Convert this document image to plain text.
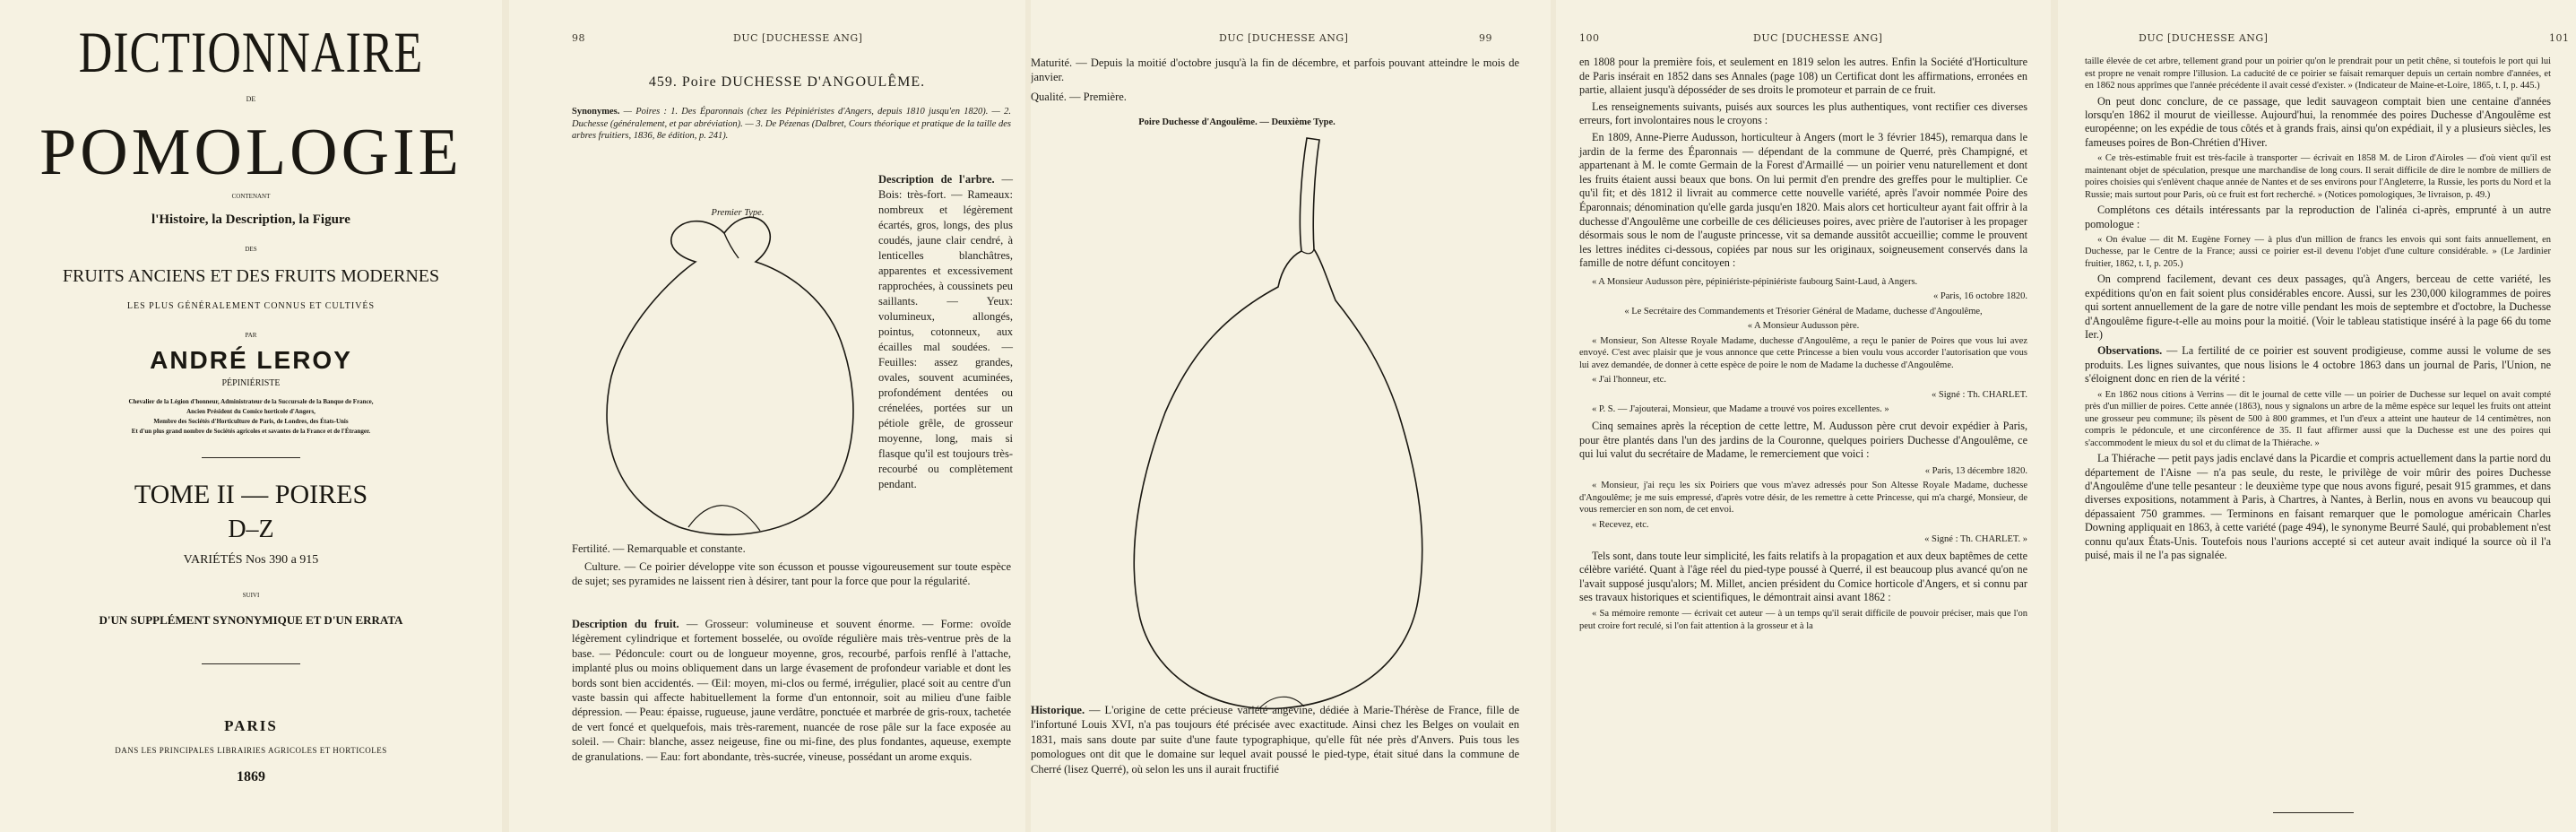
DICTIONNAIRE
DE
POMOLOGIE
CONTENANT
l'Histoire, la Description, la Figure
DES
FRUITS ANCIENS ET DES FRUITS MODERNES
LES PLUS GÉNÉRALEMENT CONNUS ET CULTIVÉS
PAR
ANDRÉ LEROY
PÉPINIÉRISTE
Chevalier de la Légion d'honneur, Administrateur de la Succursale de la Banque de France,
Ancien Président du Comice horticole d'Angers,
Membre des Sociétés d'Horticulture de Paris, de Londres, des États-Unis
Et d'un plus grand nombre de Sociétés agricoles et savantes de la France et de l'Étranger.
TOME II — POIRES
D–Z
VARIÉTÉS Nos 390 a 915
SUIVI
D'UN SUPPLÉMENT SYNONYMIQUE ET D'UN ERRATA
PARIS
DANS LES PRINCIPALES LIBRAIRIES AGRICOLES ET HORTICOLES
1869
98	DUC [DUCHESSE ANG]
459. Poire DUCHESSE D'ANGOULÊME.
Synonymes. — Poires : 1. Des Éparonnais (chez les Pépiniéristes d'Angers, depuis 1810 jusqu'en 1820). — 2. Duchesse (généralement, et par abréviation). — 3. De Pézenas (Dalbret, Cours théorique et pratique de la taille des arbres fruitiers, 1836, 8e édition, p. 241).
Premier Type.
Description de l'arbre. — Bois: très-fort. — Rameaux: nombreux et légèrement écartés, gros, longs, des plus coudés, jaune clair cendré, à lenticelles blanchâtres, apparentes et excessivement rapprochées, à coussinets peu saillants. — Yeux: volumineux, allongés, pointus, cotonneux, aux écailles mal soudées. — Feuilles: assez grandes, ovales, souvent acuminées, profondément dentées ou crénelées, portées sur un pétiole grêle, de grosseur moyenne, long, mais si flasque qu'il est toujours très-recourbé ou complètement pendant.
Fertilité. — Remarquable et constante.
Culture. — Ce poirier développe vite son écusson et pousse vigoureusement sur toute espèce de sujet; ses pyramides ne laissent rien à désirer, tant pour la force que pour la régularité.
Description du fruit. — Grosseur: volumineuse et souvent énorme. — Forme: ovoïde légèrement cylindrique et fortement bosselée, ou ovoïde régulière mais très-ventrue près de la base. — Pédoncule: court ou de longueur moyenne, gros, recourbé, parfois renflé à l'attache, implanté plus ou moins obliquement dans un large évasement de profondeur variable et dont les bords sont bien accidentés. — Œil: moyen, mi-clos ou fermé, irrégulier, placé soit au centre d'un vaste bassin qui affecte habituellement la forme d'un entonnoir, soit au milieu d'une faible dépression. — Peau: épaisse, rugueuse, jaune verdâtre, ponctuée et marbrée de gris-roux, tachetée de vert foncé et quelquefois, mais très-rarement, nuancée de rose pâle sur la face exposée au soleil. — Chair: blanche, assez neigeuse, fine ou mi-fine, des plus fondantes, aqueuse, exempte de granulations. — Eau: fort abondante, très-sucrée, vineuse, possédant un arome exquis.
DUC [DUCHESSE ANG]	99
Maturité. — Depuis la moitié d'octobre jusqu'à la fin de décembre, et parfois pouvant atteindre le mois de janvier.
Qualité. — Première.
Poire Duchesse d'Angoulême. — Deuxième Type.
Historique. — L'origine de cette précieuse variété angevine, dédiée à Marie-Thérèse de France, fille de l'infortuné Louis XVI, n'a pas toujours été précisée avec exactitude. Ainsi chez les Belges on voulait en 1831, mais sans doute par suite d'une faute typographique, qu'elle fût née près d'Anvers. Puis tous les pomologues ont dit que le domaine sur lequel avait poussé le pied-type, était situé dans la commune de Cherré (lisez Querré), où selon les uns il aurait fructifié
100	DUC [DUCHESSE ANG]

en 1808 pour la première fois, et seulement en 1819 selon les autres. Enfin la Société d'Horticulture de Paris insérait en 1852 dans ses Annales (page 108) un Certificat dont les affirmations, erronées en partie, allaient jusqu'à déposséder de ses droits le promoteur et parrain de ce fruit.

Les renseignements suivants, puisés aux sources les plus authentiques, vont rectifier ces diverses erreurs, fort involontaires nous le croyons :

En 1809, Anne-Pierre Audusson, horticulteur à Angers (mort le 3 février 1845), remarqua dans le jardin de la ferme des Éparonnais — dépendant de la commune de Querré, près Champigné, et appartenant à M. le comte Germain de la Forest d'Armaillé — un poirier venu naturellement et dont les fruits étaient aussi beaux que bons. On lui permit d'en prendre des greffes pour le multiplier. Ce qu'il fit; et dès 1812 il livrait au commerce cette nouvelle variété, après l'avoir nommée Poire des Éparonnais; dénomination qu'elle garda jusqu'en 1820. Mais alors cet horticulteur ayant fait offrir à la duchesse d'Angoulême une corbeille de ces délicieuses poires, avec prière de l'autoriser à les propager désormais sous le nom de l'auguste princesse, vit sa demande aussitôt accueillie; comme le prouvent les lettres inédites ci-dessous, copiées par nous sur les originaux, soigneusement conservés dans la famille de notre défunt concitoyen :

« A Monsieur Audusson père, pépiniériste-pépiniériste faubourg Saint-Laud, à Angers.

« Paris, 16 octobre 1820.

« Le Secrétaire des Commandements et Trésorier Général de Madame, duchesse d'Angoulême,

« A Monsieur Audusson père.

« Monsieur, Son Altesse Royale Madame, duchesse d'Angoulême, a reçu le panier de Poires que vous lui avez envoyé. C'est avec plaisir que je vous annonce que cette Princesse a bien voulu vous accorder l'autorisation que vous lui avez demandée, de donner à cette espèce de poire le nom de Madame la duchesse d'Angoulême.

« J'ai l'honneur, etc.

« Signé : Th. CHARLET.

« P. S. — J'ajouterai, Monsieur, que Madame a trouvé vos poires excellentes. »

Cinq semaines après la réception de cette lettre, M. Audusson père crut devoir expédier à Paris, pour être plantés dans l'un des jardins de la Couronne, quelques poiriers Duchesse d'Angoulême, ce qui lui valut du secrétaire de Madame, le remerciement que voici :

« Paris, 13 décembre 1820.

« Monsieur, j'ai reçu les six Poiriers que vous m'avez adressés pour Son Altesse Royale Madame, duchesse d'Angoulême; je me suis empressé, d'après votre désir, de les remettre à cette Princesse, qui m'a chargé, Monsieur, de vous remercier en son nom, de cet envoi.

« Recevez, etc.

« Signé : Th. CHARLET. »

Tels sont, dans toute leur simplicité, les faits relatifs à la propagation et aux deux baptêmes de cette célèbre variété. Quant à l'âge réel du pied-type poussé à Querré, il est beaucoup plus avancé qu'on ne l'avait supposé jusqu'alors; M. Millet, ancien président du Comice horticole d'Angers, et si connu par ses travaux historiques et scientifiques, le démontrait ainsi avant 1862 :

« Sa mémoire remonte — écrivait cet auteur — à un temps qu'il serait difficile de pouvoir préciser, mais que l'on peut croire fort reculé, si l'on fait attention à la grosseur et à la

DUC [DUCHESSE ANG]	101

taille élevée de cet arbre, tellement grand pour un poirier qu'on le prendrait pour un petit chêne, si toutefois le port qui lui est propre ne venait rompre l'illusion. La caducité de ce poirier se faisait remarquer depuis un certain nombre d'années, et en 1862 nous apprîmes que l'année précédente il avait cessé d'exister. » (Indicateur de Maine-et-Loire, 1865, t. I, p. 445.)

On peut donc conclure, de ce passage, que ledit sauvageon comptait bien une centaine d'années lorsqu'en 1862 il mourut de vieillesse. Aujourd'hui, la renommée des poires Duchesse d'Angoulême est européenne; on les expédie de tous côtés et à grands frais, ainsi qu'on expédiait, il y a plusieurs siècles, les fameuses poires de Bon-Chrétien d'Hiver.

« Ce très-estimable fruit est très-facile à transporter — écrivait en 1858 M. de Liron d'Airoles — d'où vient qu'il est maintenant objet de spéculation, presque une marchandise de long cours. Il serait difficile de dire le nombre de milliers de poires choisies qui s'enlèvent chaque année de Nantes et de ses environs pour l'Angleterre, la Russie, les ports du Nord et la Russie; mais surtout pour Paris, où ce fruit est fort recherché. » (Notices pomologiques, 3e livraison, p. 49.)

Complétons ces détails intéressants par la reproduction de l'alinéa ci-après, emprunté à un autre pomologue :

« On évalue — dit M. Eugène Forney — à plus d'un million de francs les envois qui sont faits annuellement, en Duchesse, par le Centre de la France; aussi ce poirier est-il devenu l'objet d'une culture considérable. » (Le Jardinier fruitier, 1862, t. I, p. 205.)

On comprend facilement, devant ces deux passages, qu'à Angers, berceau de cette variété, les expéditions qu'on en fait soient plus considérables encore. Aussi, sur les 230,000 kilogrammes de poires qui sortent annuellement de la gare de notre ville pendant les mois de septembre et d'octobre, la Duchesse d'Angoulême figure-t-elle au moins pour la moitié. (Voir le tableau statistique inséré à la page 66 du tome Ier.)

Observations. — La fertilité de ce poirier est souvent prodigieuse, comme aussi le volume de ses produits. Les lignes suivantes, que nous lisions le 4 octobre 1863 dans un journal de Paris, l'Union, ne s'éloignent donc en rien de la vérité :

« En 1862 nous citions à Verrins — dit le journal de cette ville — un poirier de Duchesse sur lequel on avait compté près d'un millier de poires. Cette année (1863), nous y signalons un arbre de la même espèce sur lequel les fruits ont atteint une grosseur peu commune; ils pèsent de 500 à 800 grammes, et l'un d'eux a atteint une hauteur de 14 centimètres, non compris le pédoncule, et une circonférence de 35. Il faut affirmer aussi que la Duchesse est une des poires qui s'accommodent le mieux du sol et du climat de la Thiérache. »

La Thiérache — petit pays jadis enclavé dans la Picardie et compris actuellement dans la partie nord du département de l'Aisne — n'a pas seule, du reste, le privilège de voir mûrir des poires Duchesse d'Angoulême d'une telle pesanteur : le deuxième type que nous avons figuré, pesait 915 grammes, et dans diverses expositions, notamment à Paris, à Chartres, à Nantes, à Berlin, nous en avons vu beaucoup qui dépassaient 750 grammes. — Terminons en faisant remarquer que le pomologue américain Charles Downing appliquait en 1863, à cette variété (page 494), le synonyme Beurré Saulé, qui probablement n'est connu qu'aux États-Unis. Toutefois nous l'aurions accepté si cet auteur avait indiqué la source où il l'a puisé, mais il ne l'a pas signalée.
